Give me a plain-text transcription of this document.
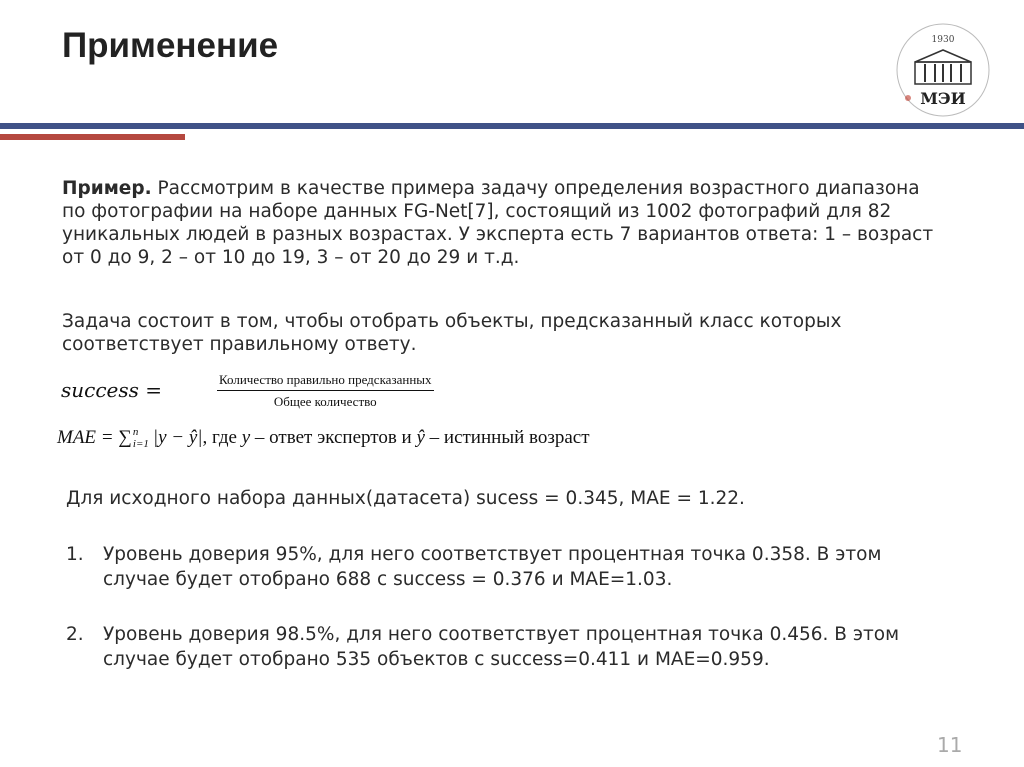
Применение	1930
МЭИ
Пример. Рассмотрим в качестве примера задачу определения возрастного диапазона по фотографии на наборе данных FG-Net[7], состоящий из 1002 фотографий для 82 уникальных людей в разных возрастах. У эксперта есть 7 вариантов ответа: 1 – возраст от 0 до 9, 2 – от 10 до 19, 3 – от 20 до 29 и т.д.
Задача состоит в том, чтобы отобрать объекты, предсказанный класс которых соответствует правильному ответу.
success =	Количество правильно предсказанных
Общее количество
MAE = ∑ n
i=1 |y − ŷ| , где y – ответ экспертов и ŷ – истинный возраст
Для исходного набора данных(датасета) sucess = 0.345, MAE = 1.22.
1.	Уровень доверия 95%, для него соответствует процентная точка 0.358. В этом случае будет отобрано 688 с success = 0.376 и MAE=1.03.
2.	Уровень доверия 98.5%, для него соответствует процентная точка 0.456. В этом случае будет отобрано 535 объектов с success=0.411 и MAE=0.959.
11
